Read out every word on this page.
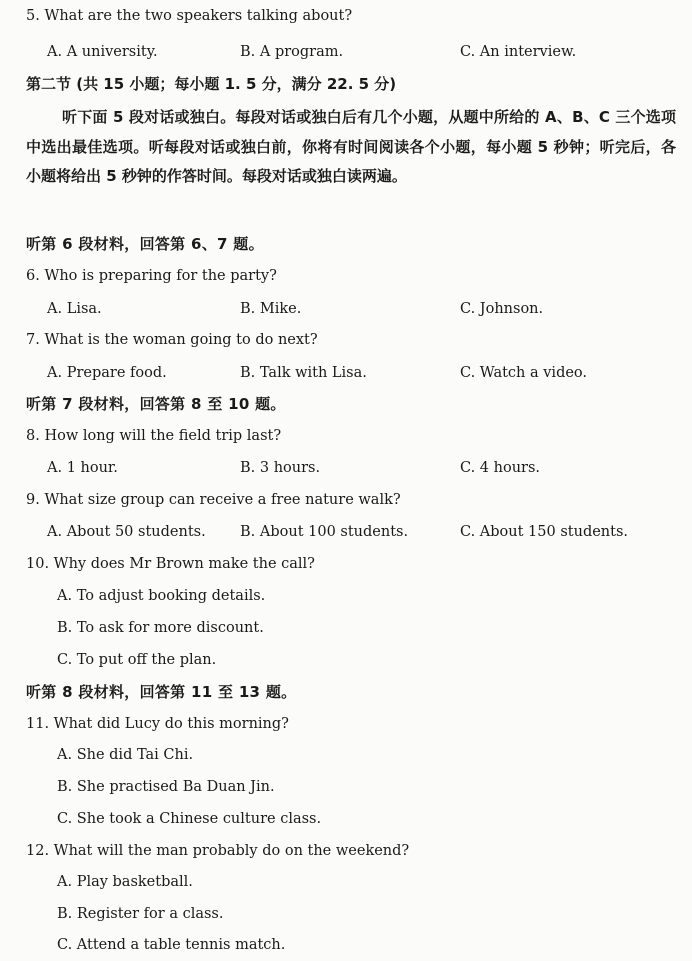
5. What are the two speakers talking about?
A. A university.	B. A program.	C. An interview.
第二节 (共 15 小题；每小题 1. 5 分，满分 22. 5 分)
听下面 5 段对话或独白。每段对话或独白后有几个小题，从题中所给的 A、B、C 三个选项中选出最佳选项。听每段对话或独白前，你将有时间阅读各个小题，每小题 5 秒钟；听完后，各小题将给出 5 秒钟的作答时间。每段对话或独白读两遍。
听第 6 段材料，回答第 6、7 题。
6. Who is preparing for the party?
A. Lisa.	B. Mike.	C. Johnson.
7. What is the woman going to do next?
A. Prepare food.	B. Talk with Lisa.	C. Watch a video.
听第 7 段材料，回答第 8 至 10 题。
8. How long will the field trip last?
A. 1 hour.	B. 3 hours.	C. 4 hours.
9. What size group can receive a free nature walk?
A. About 50 students. B. About 100 students.	C. About 150 students.
10. Why does Mr Brown make the call?
A. To adjust booking details.
B. To ask for more discount.
C. To put off the plan.
听第 8 段材料，回答第 11 至 13 题。
11. What did Lucy do this morning?
A. She did Tai Chi.
B. She practised Ba Duan Jin.
C. She took a Chinese culture class.
12. What will the man probably do on the weekend?
A. Play basketball.
B. Register for a class.
C. Attend a table tennis match.
